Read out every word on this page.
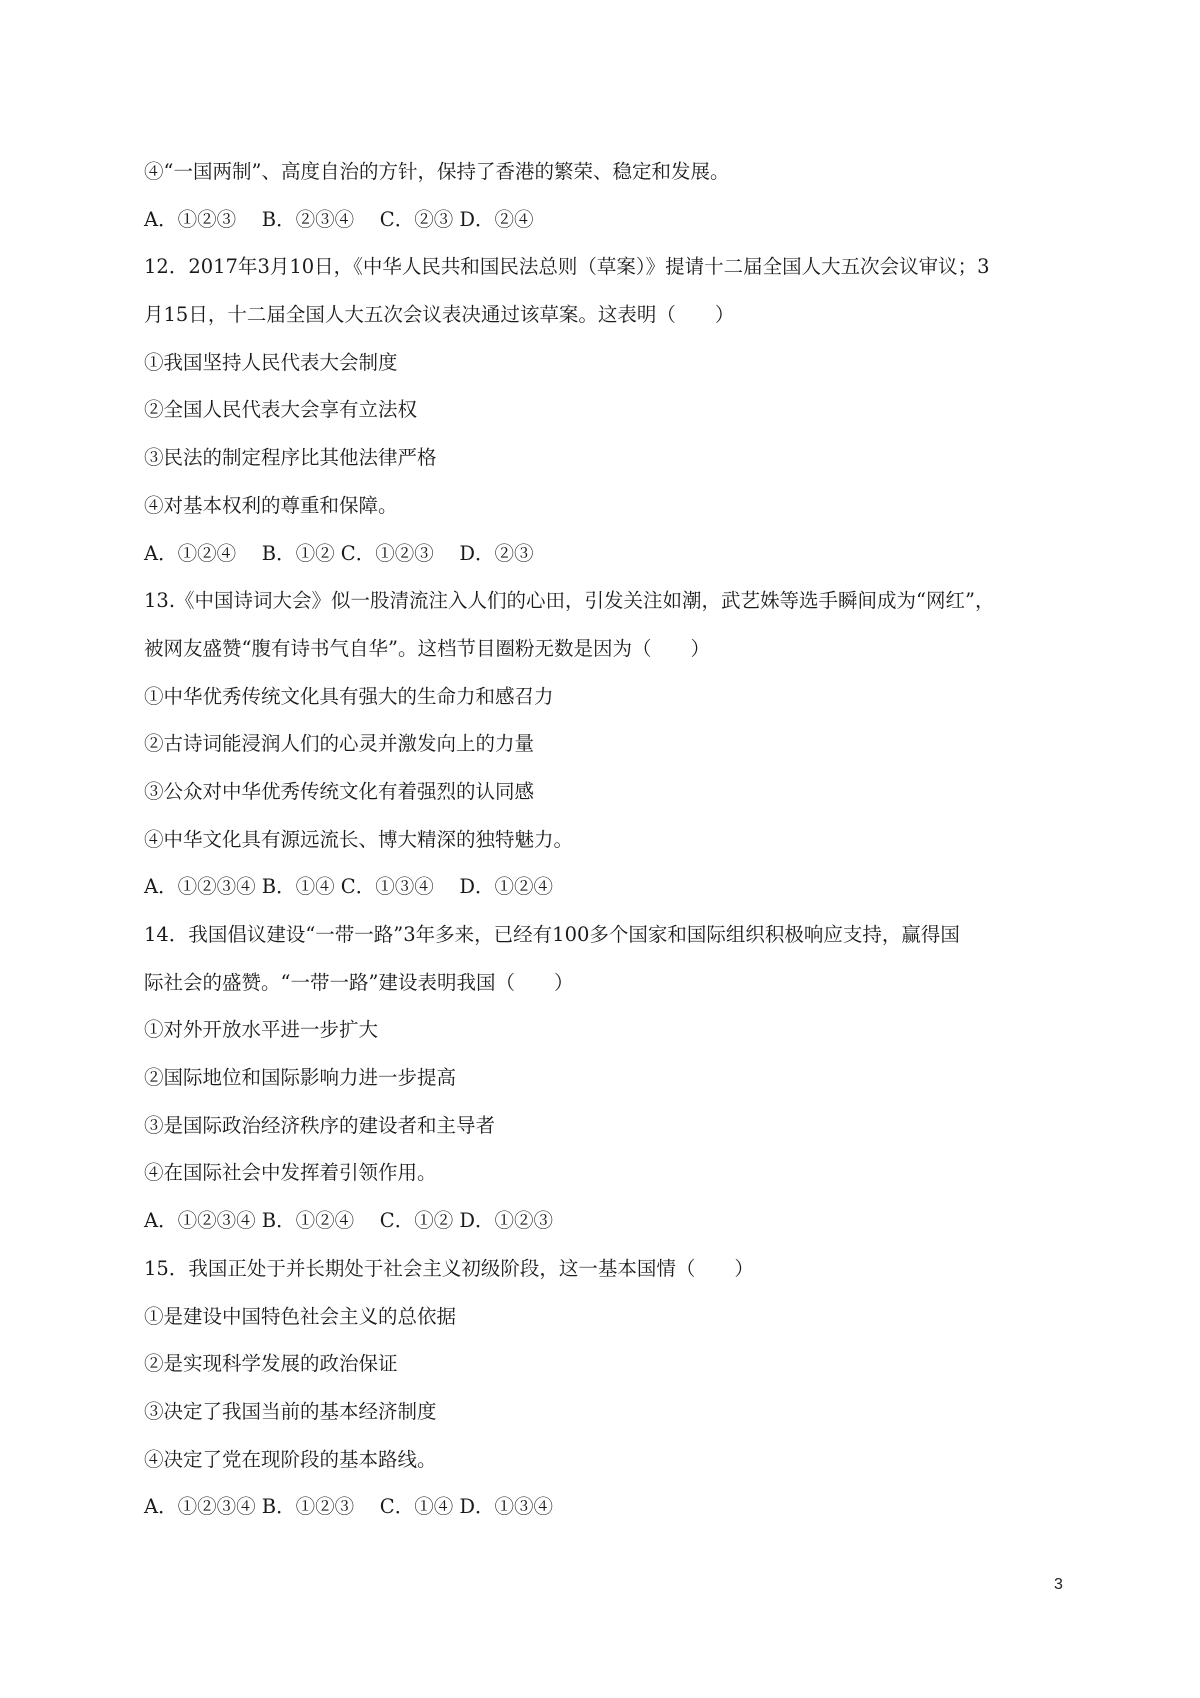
④“一国两制”、高度自治的方针，保持了香港的繁荣、稳定和发展。
A．①②③　 B．②③④　 C．②③ D．②④
12．2017年3月10日，《中华人民共和国民法总则（草案）》提请十二届全国人大五次会议审议；3
月15日，十二届全国人大五次会议表决通过该草案。这表明（　　）
①我国坚持人民代表大会制度
②全国人民代表大会享有立法权
③民法的制定程序比其他法律严格
④对基本权利的尊重和保障。
A．①②④　 B．①② C．①②③　 D．②③
13.《中国诗词大会》似一股清流注入人们的心田，引发关注如潮，武艺姝等选手瞬间成为“网红”，
被网友盛赞“腹有诗书气自华”。这档节目圈粉无数是因为（　　）
①中华优秀传统文化具有强大的生命力和感召力
②古诗词能浸润人们的心灵并激发向上的力量
③公众对中华优秀传统文化有着强烈的认同感
④中华文化具有源远流长、博大精深的独特魅力。
A．①②③④ B．①④ C．①③④　 D．①②④
14．我国倡议建设“一带一路”3年多来，已经有100多个国家和国际组织积极响应支持，赢得国
际社会的盛赞。“一带一路”建设表明我国（　　）
①对外开放水平进一步扩大
②国际地位和国际影响力进一步提高
③是国际政治经济秩序的建设者和主导者
④在国际社会中发挥着引领作用。
A．①②③④ B．①②④　 C．①② D．①②③
15．我国正处于并长期处于社会主义初级阶段，这一基本国情（　　）
①是建设中国特色社会主义的总依据
②是实现科学发展的政治保证
③决定了我国当前的基本经济制度
④决定了党在现阶段的基本路线。
A．①②③④ B．①②③　 C．①④ D．①③④
3
